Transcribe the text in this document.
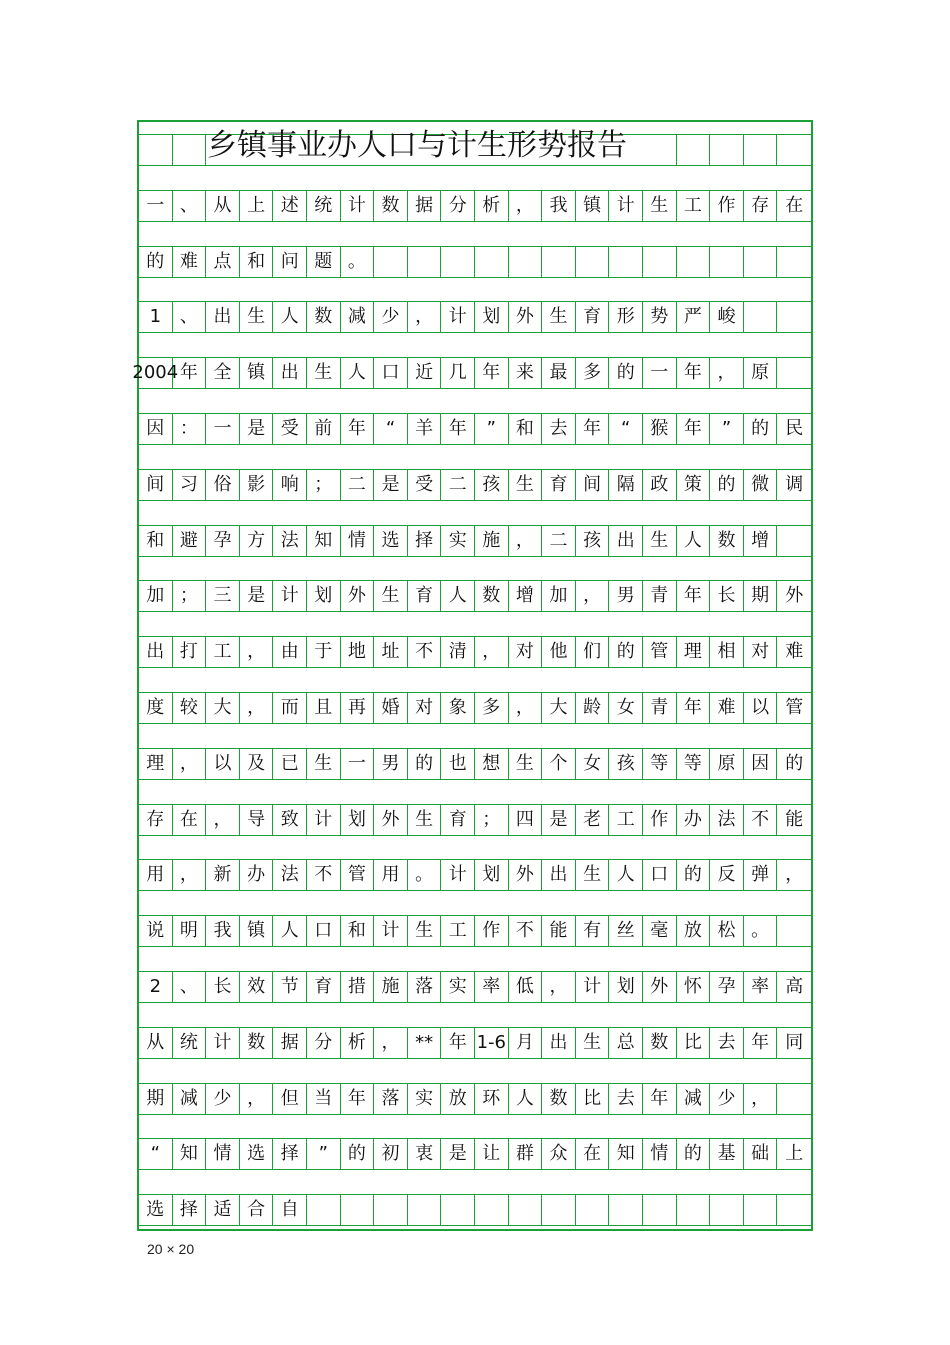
一 、 从 上 述 统 计 数 据 分 析 ， 我 镇 计 生 工 作 存 在
的 难 点 和 问 题 。
1	、 出 生 人 数 减 少 ， 计 划 外 生 育 形 势 严 峻
2004 年 全 镇 出 生 人 口 近 几 年 来 最 多 的 一 年 ， 原
因 ： 一 是 受 前 年	“	羊 年	”	和 去 年	“	猴 年	”	的 民
间 习 俗 影 响 ； 二 是 受 二 孩 生 育 间 隔 政 策 的 微 调
和 避 孕 方 法 知 情 选 择 实 施 ， 二 孩 出 生 人 数 增
加 ； 三 是 计 划 外 生 育 人 数 增 加 ， 男 青 年 长 期 外
出 打 工 ， 由 于 地 址 不 清 ， 对 他 们 的 管 理 相 对 难
度 较 大 ， 而 且 再 婚 对 象 多 ， 大 龄 女 青 年 难 以 管
理 ， 以 及 已 生 一 男 的 也 想 生 个 女 孩 等 等 原 因 的
存 在 ， 导 致 计 划 外 生 育 ； 四 是 老 工 作 办 法 不 能
用 ， 新 办 法 不 管 用 。 计 划 外 出 生 人 口 的 反 弹 ，
说 明 我 镇 人 口 和 计 生 工 作 不 能 有 丝 毫 放 松 。
2	、 长 效 节 育 措 施 落 实 率 低 ， 计 划 外 怀 孕 率 高
从 统 计 数 据 分 析 ， ** 年 1-6 月 出 生 总 数 比 去 年 同
期 减 少 ， 但 当 年 落 实 放 环 人 数 比 去 年 减 少 ，
“	知 情 选 择	”	的 初 衷 是 让 群 众 在 知 情 的 基 础 上
选 择 适 合 自
乡镇事业办人口与计生形势报告
20 × 20
